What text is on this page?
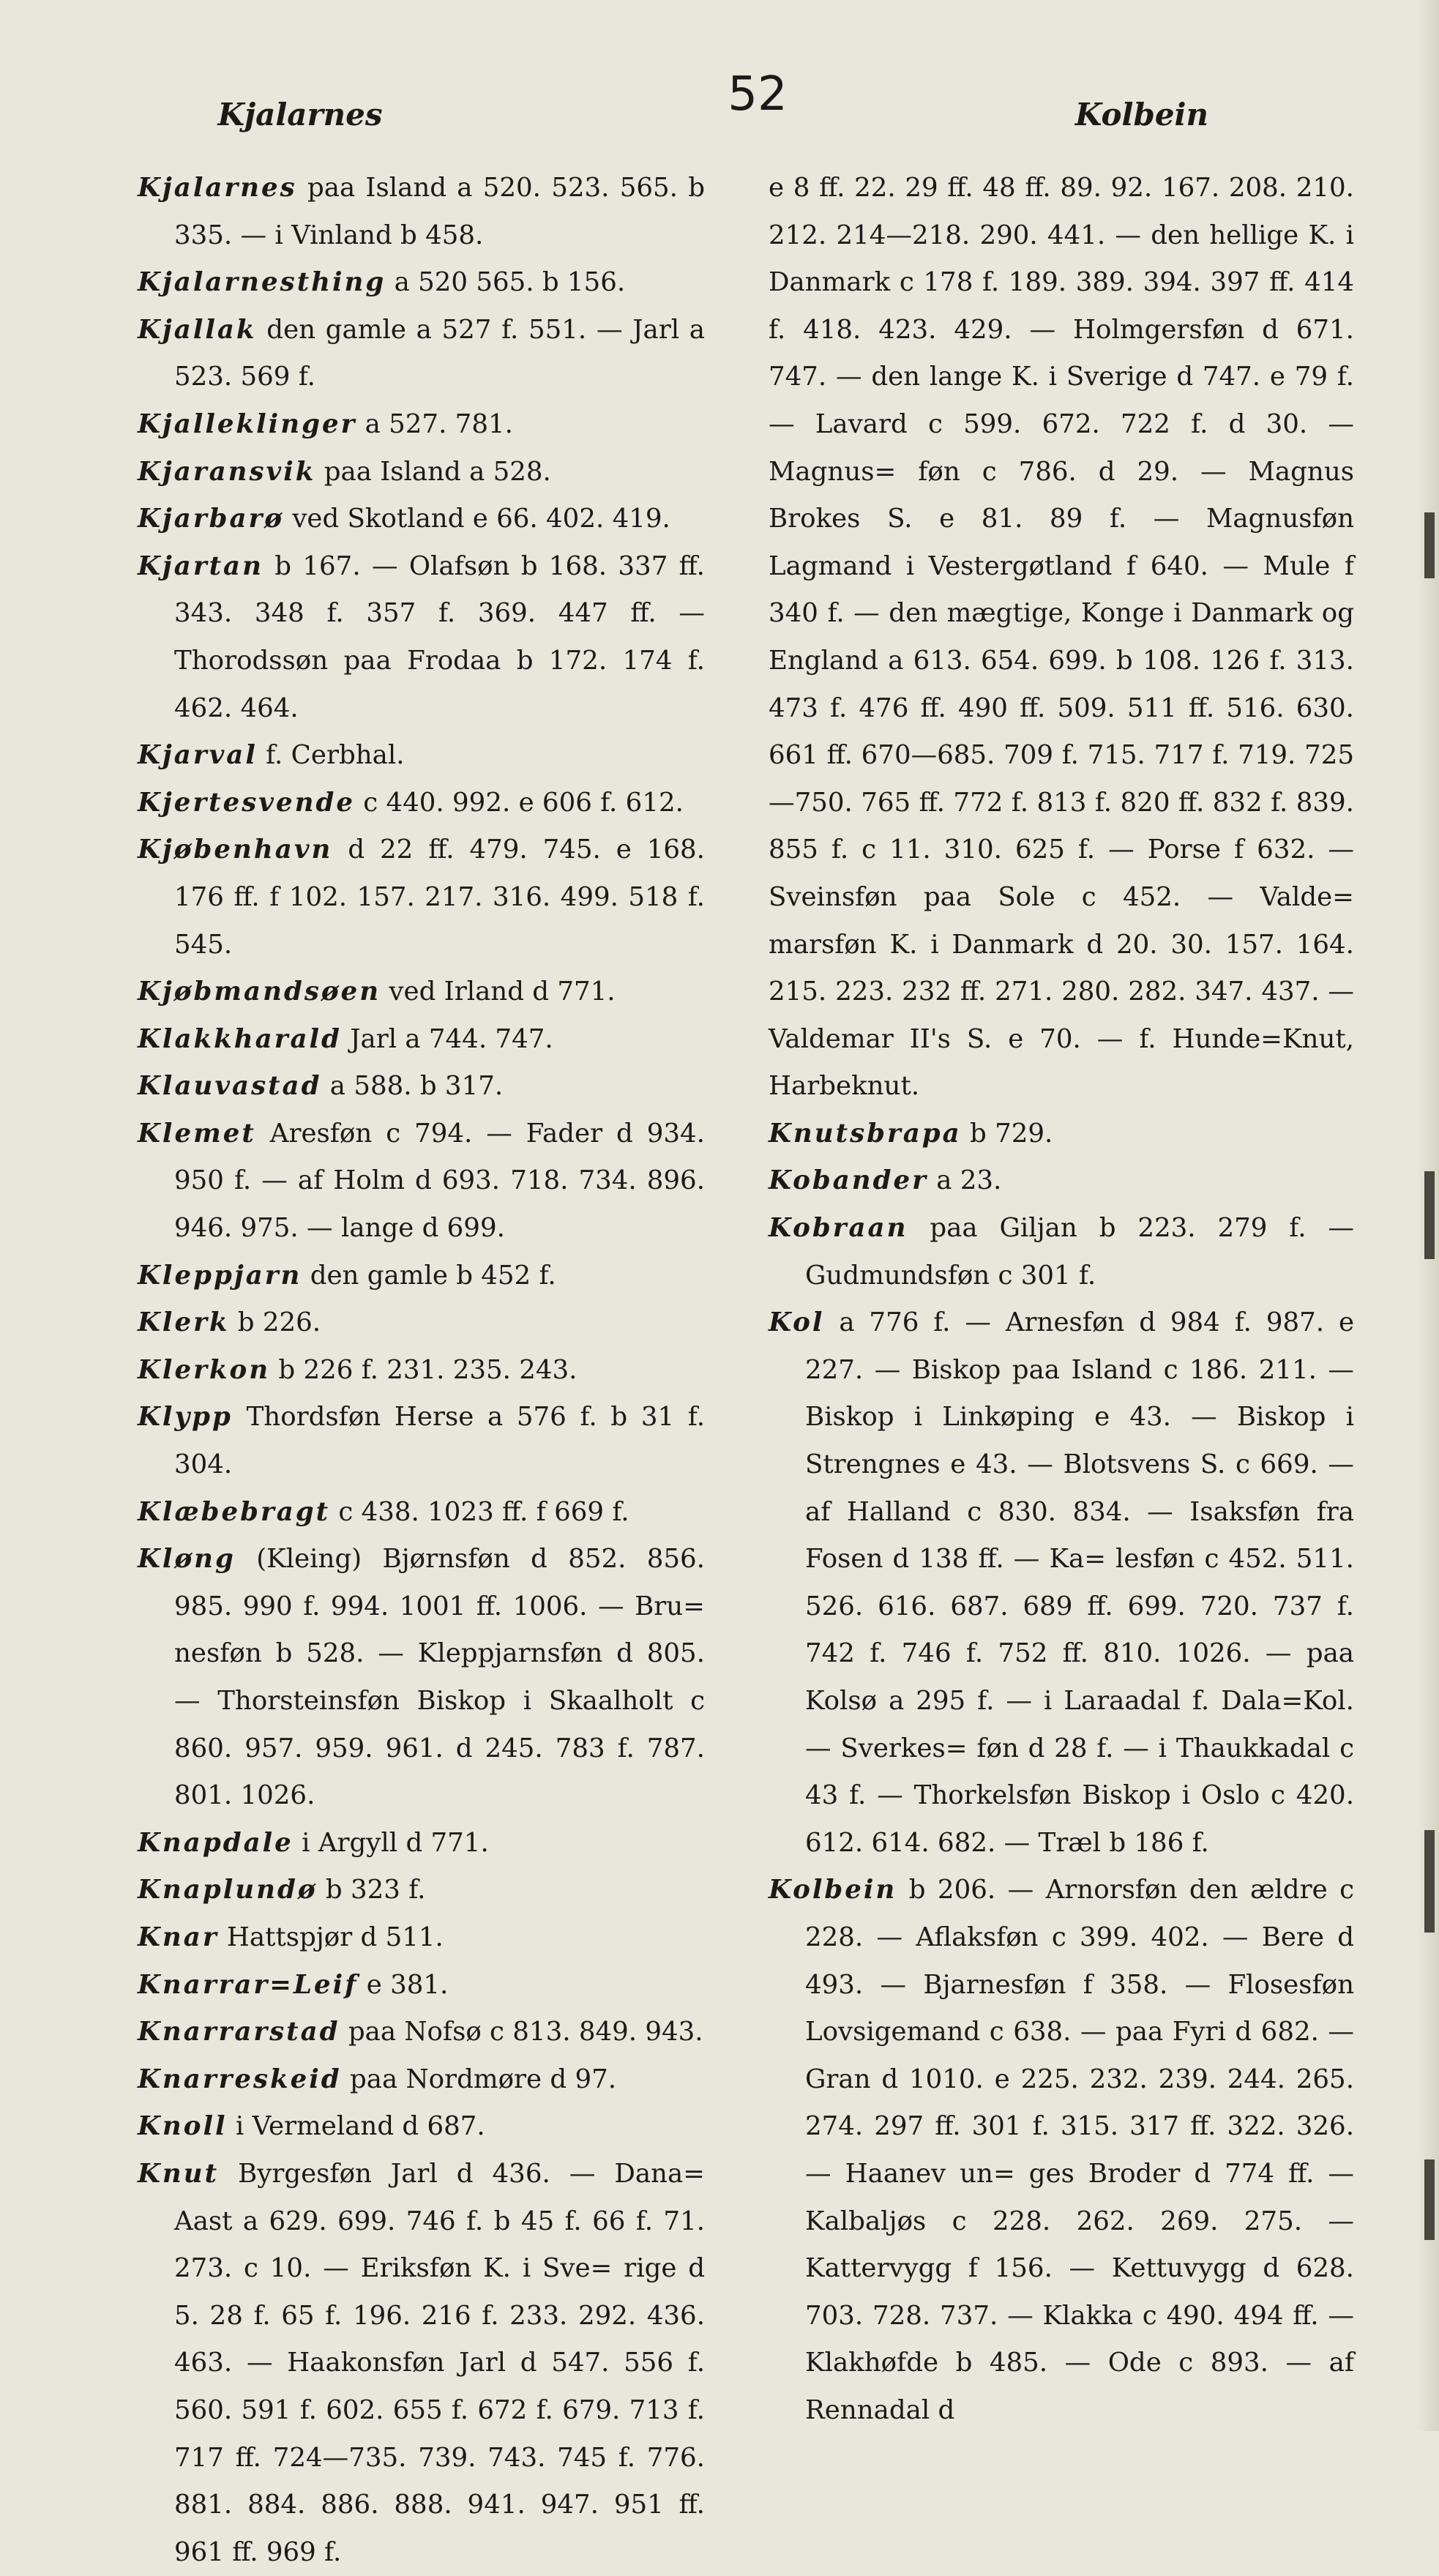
Kjalarnes	52	Kolbein

Kjalarnes paa Island a 520. 523. 565. b 335. — i Vinland b 458.

Kjalarnesthing a 520 565. b 156.

Kjallak den gamle a 527 f. 551. — Jarl a 523. 569 f.

Kjalleklinger a 527. 781.

Kjaransvik paa Island a 528.

Kjarbarø ved Skotland e 66. 402. 419.

Kjartan b 167. — Olafsøn b 168. 337 ff. 343. 348 f. 357 f. 369. 447 ff. — Thorodssøn paa Frodaa b 172. 174 f. 462. 464.

Kjarval f. Cerbhal.

Kjertesvende c 440. 992. e 606 f. 612.

Kjøbenhavn d 22 ff. 479. 745. e 168. 176 ff. f 102. 157. 217. 316. 499. 518 f. 545.

Kjøbmandsøen ved Irland d 771.

Klakkharald Jarl a 744. 747.

Klauvastad a 588. b 317.

Klemet Aresføn c 794. — Fader d 934. 950 f. — af Holm d 693. 718. 734. 896. 946. 975. — lange d 699.

Kleppjarn den gamle b 452 f.

Klerk b 226.

Klerkon b 226 f. 231. 235. 243.

Klypp Thordsføn Herse a 576 f. b 31 f. 304.

Klæbebragt c 438. 1023 ff. f 669 f.

Kløng (Kleing) Bjørnsføn d 852. 856. 985. 990 f. 994. 1001 ff. 1006. — Bru= nesføn b 528. — Kleppjarnsføn d 805. — Thorsteinsføn Biskop i Skaalholt c 860. 957. 959. 961. d 245. 783 f. 787. 801. 1026.

Knapdale i Argyll d 771.

Knaplundø b 323 f.

Knar Hattspjør d 511.

Knarrar=Leif e 381.

Knarrarstad paa Nofsø c 813. 849. 943.

Knarreskeid paa Nordmøre d 97.

Knoll i Vermeland d 687.

Knut Byrgesføn Jarl d 436. — Dana= Aast a 629. 699. 746 f. b 45 f. 66 f. 71. 273. c 10. — Eriksføn K. i Sve= rige d 5. 28 f. 65 f. 196. 216 f. 233. 292. 436. 463. — Haakonsføn Jarl d 547. 556 f. 560. 591 f. 602. 655 f. 672 f. 679. 713 f. 717 ff. 724—735. 739. 743. 745 f. 776. 881. 884. 886. 888. 941. 947. 951 ff. 961 ff. 969 f.

e 8 ff. 22. 29 ff. 48 ff. 89. 92. 167. 208. 210. 212. 214—218. 290. 441. — den hellige K. i Danmark c 178 f. 189. 389. 394. 397 ff. 414 f. 418. 423. 429. — Holmgersføn d 671. 747. — den lange K. i Sverige d 747. e 79 f. — Lavard c 599. 672. 722 f. d 30. — Magnus= føn c 786. d 29. — Magnus Brokes S. e 81. 89 f. — Magnusføn Lagmand i Vestergøtland f 640. — Mule f 340 f. — den mægtige, Konge i Danmark og England a 613. 654. 699. b 108. 126 f. 313. 473 f. 476 ff. 490 ff. 509. 511 ff. 516. 630. 661 ff. 670—685. 709 f. 715. 717 f. 719. 725—750. 765 ff. 772 f. 813 f. 820 ff. 832 f. 839. 855 f. c 11. 310. 625 f. — Porse f 632. — Sveinsføn paa Sole c 452. — Valde= marsføn K. i Danmark d 20. 30. 157. 164. 215. 223. 232 ff. 271. 280. 282. 347. 437. — Valdemar II's S. e 70. — f. Hunde=Knut, Harbeknut.

Knutsbrapa b 729.

Kobander a 23.

Kobraan paa Giljan b 223. 279 f. — Gudmundsføn c 301 f.

Kol a 776 f. — Arnesføn d 984 f. 987. e 227. — Biskop paa Island c 186. 211. — Biskop i Linkøping e 43. — Biskop i Strengnes e 43. — Blotsvens S. c 669. — af Halland c 830. 834. — Isaksføn fra Fosen d 138 ff. — Ka= lesføn c 452. 511. 526. 616. 687. 689 ff. 699. 720. 737 f. 742 f. 746 f. 752 ff. 810. 1026. — paa Kolsø a 295 f. — i Laraadal f. Dala=Kol. — Sverkes= føn d 28 f. — i Thaukkadal c 43 f. — Thorkelsføn Biskop i Oslo c 420. 612. 614. 682. — Træl b 186 f.

Kolbein b 206. — Arnorsføn den ældre c 228. — Aflaksføn c 399. 402. — Bere d 493. — Bjarnesføn f 358. — Flosesføn Lovsigemand c 638. — paa Fyri d 682. — Gran d 1010. e 225. 232. 239. 244. 265. 274. 297 ff. 301 f. 315. 317 ff. 322. 326. — Haanev un= ges Broder d 774 ff. — Kalbaljøs c 228. 262. 269. 275. — Kattervygg f 156. — Kettuvygg d 628. 703. 728. 737. — Klakka c 490. 494 ff. — Klakhøfde b 485. — Ode c 893. — af Rennadal d
